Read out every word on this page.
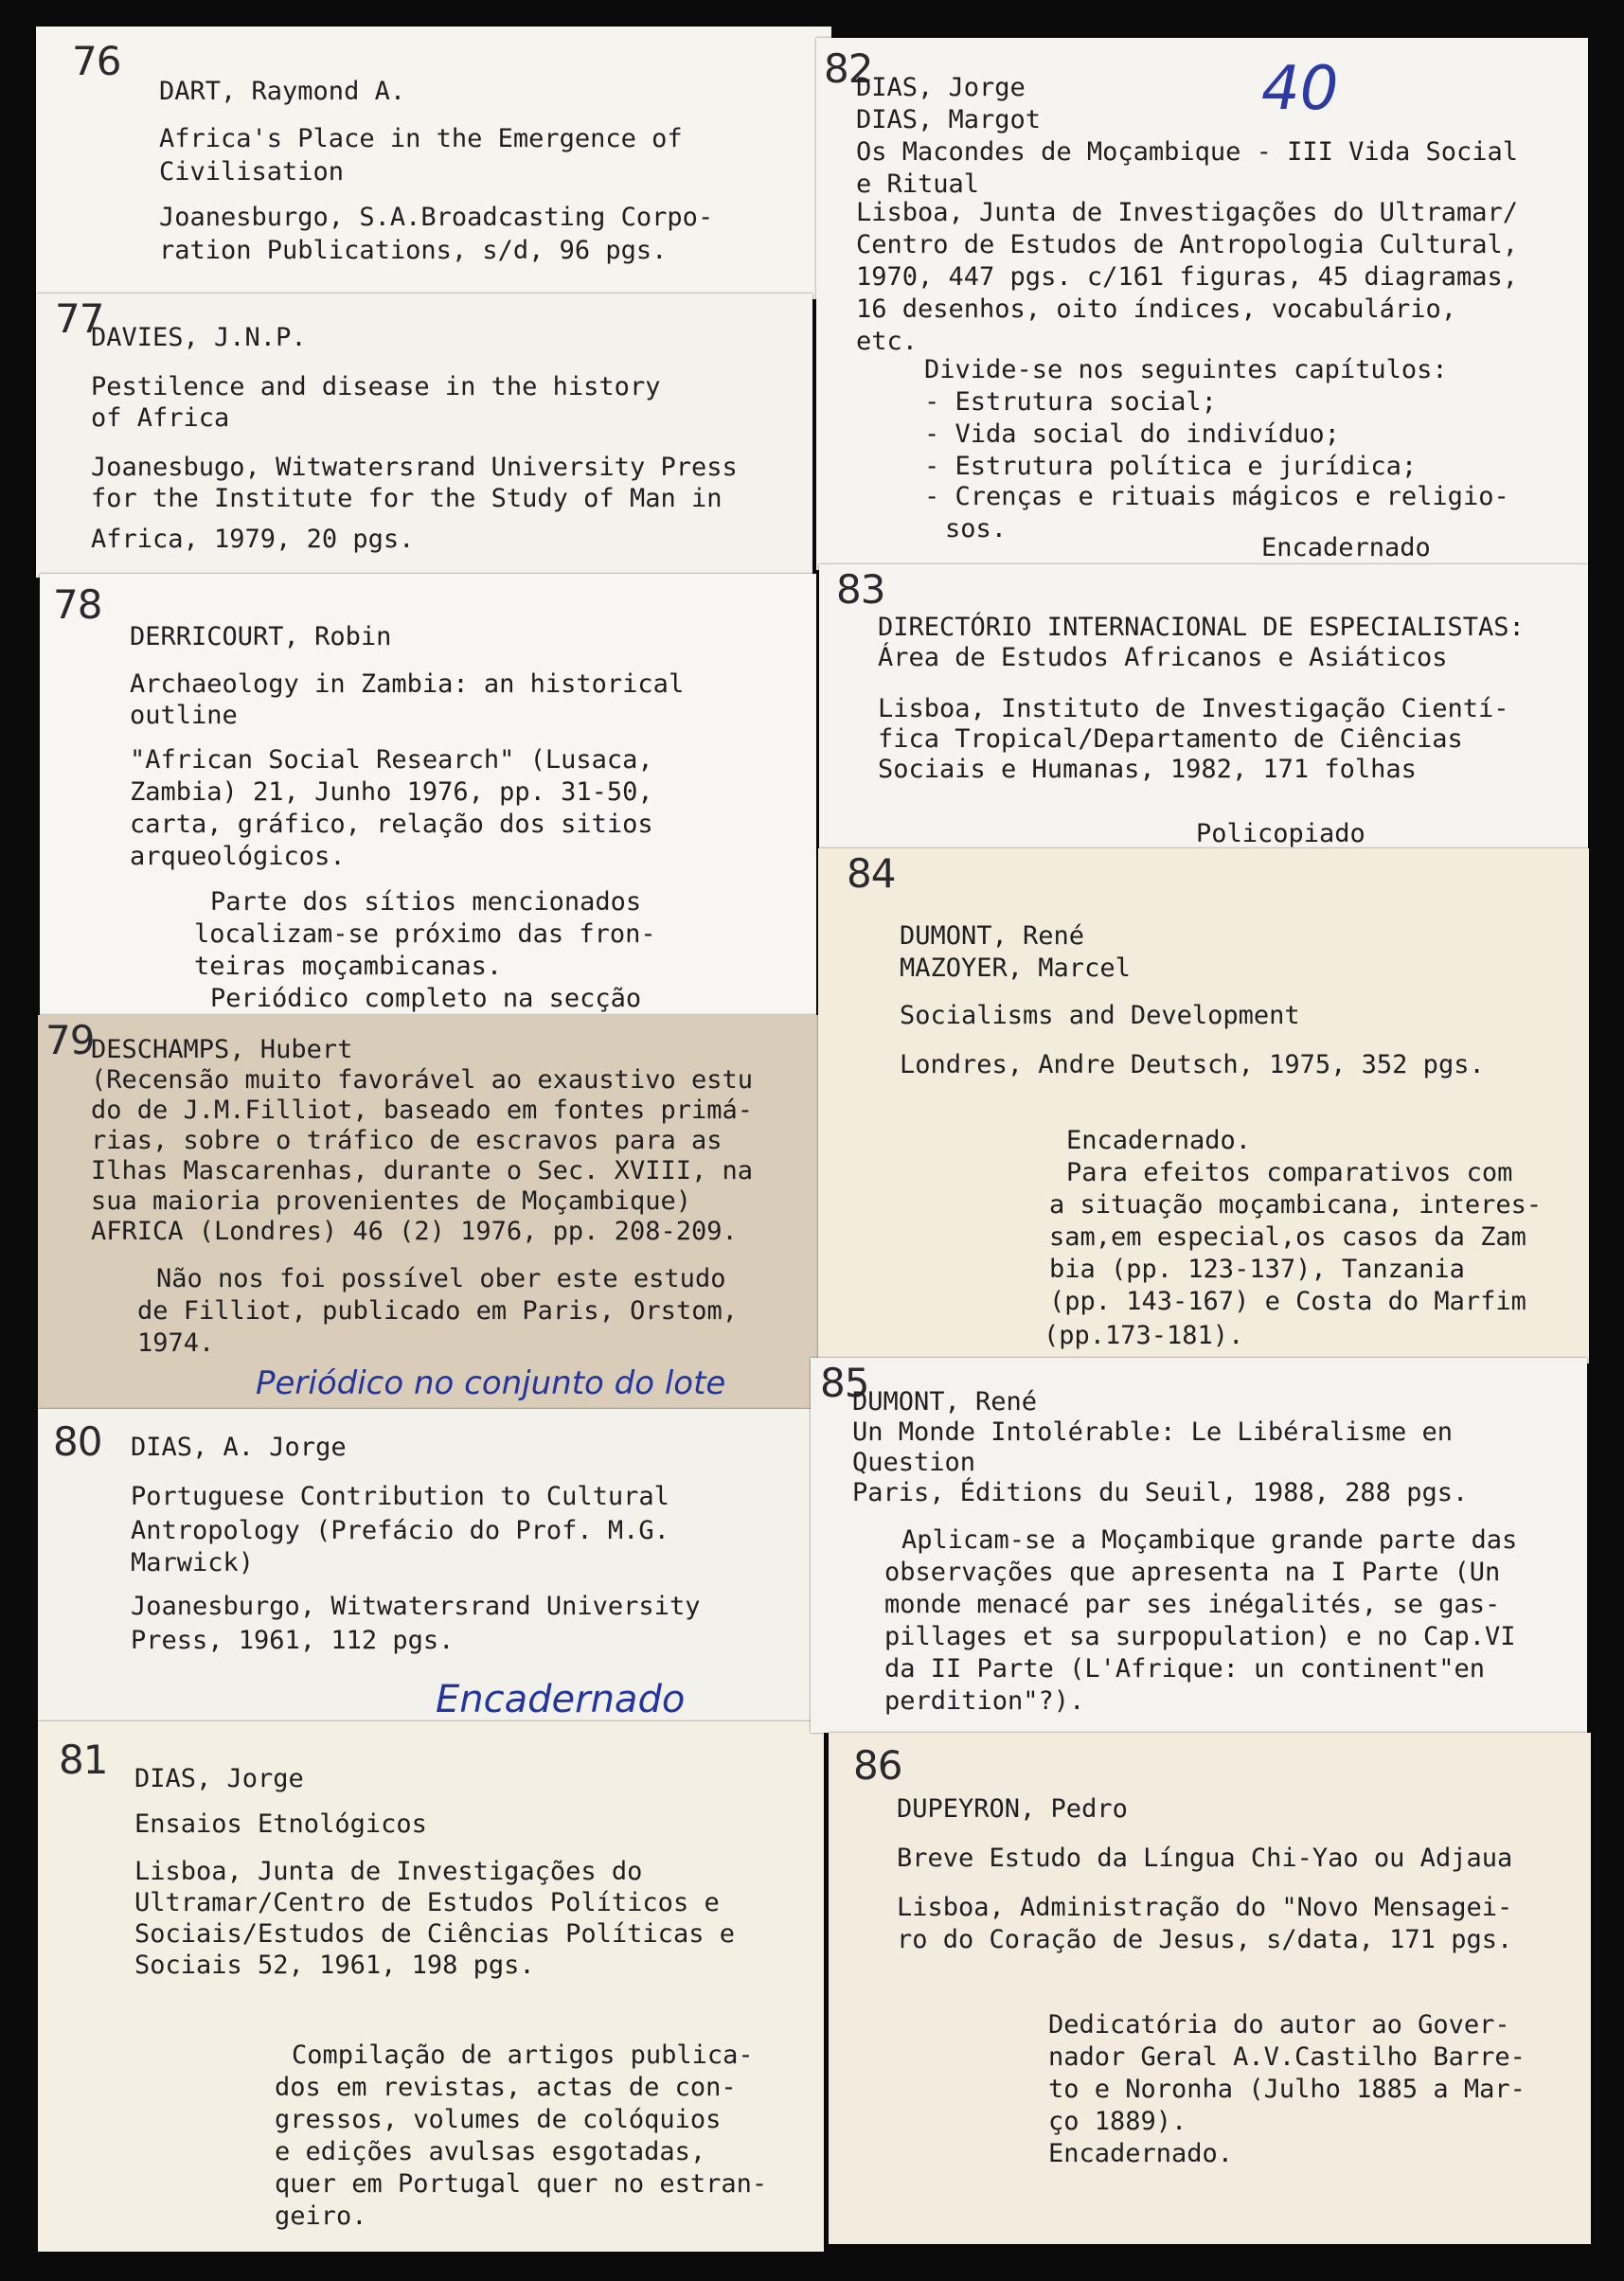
76
DART, Raymond A.
Africa's Place in the Emergence of
Civilisation
Joanesburgo, S.A.Broadcasting Corpo-
ration Publications, s/d, 96 pgs.
77
DAVIES, J.N.P.
Pestilence and disease in the history
of Africa
Joanesbugo, Witwatersrand University Press
for the Institute for the Study of Man in
Africa, 1979, 20 pgs.
78
DERRICOURT, Robin
Archaeology in Zambia: an historical
outline
"African Social Research" (Lusaca,
Zambia) 21, Junho 1976, pp. 31-50,
carta, gráfico, relação dos sitios
arqueológicos.
Parte dos sítios mencionados
localizam-se próximo das fron-
teiras moçambicanas.
Periódico completo na secção
79
DESCHAMPS, Hubert
(Recensão muito favorável ao exaustivo estu
do de J.M.Filliot, baseado em fontes primá-
rias, sobre o tráfico de escravos para as
Ilhas Mascarenhas, durante o Sec. XVIII, na
sua maioria provenientes de Moçambique)
AFRICA (Londres) 46 (2) 1976, pp. 208-209.
Não nos foi possível ober este estudo
de Filliot, publicado em Paris, Orstom,
1974.
Periódico no conjunto do lote
80 DIAS, A. Jorge
Portuguese Contribution to Cultural
Antropology (Prefácio do Prof. M.G.
Marwick)
Joanesburgo, Witwatersrand University
Press, 1961, 112 pgs.
Encadernado
81 DIAS, Jorge
Ensaios Etnológicos
Lisboa, Junta de Investigações do
Ultramar/Centro de Estudos Políticos e
Sociais/Estudos de Ciências Políticas e
Sociais 52, 1961, 198 pgs.
Compilação de artigos publica-
dos em revistas, actas de con-
gressos, volumes de colóquios
e edições avulsas esgotadas,
quer em Portugal quer no estran-
geiro.
82	40
DIAS, Jorge
DIAS, Margot
Os Macondes de Moçambique - III Vida Social
e Ritual
Lisboa, Junta de Investigações do Ultramar/
Centro de Estudos de Antropologia Cultural,
1970, 447 pgs. c/161 figuras, 45 diagramas,
16 desenhos, oito índices, vocabulário,
etc.
Divide-se nos seguintes capítulos:
- Estrutura social;
- Vida social do indivíduo;
- Estrutura política e jurídica;
- Crenças e rituais mágicos e religio-
sos.
Encadernado
83
DIRECTÓRIO INTERNACIONAL DE ESPECIALISTAS:
Área de Estudos Africanos e Asiáticos
Lisboa, Instituto de Investigação Cientí-
fica Tropical/Departamento de Ciências
Sociais e Humanas, 1982, 171 folhas
Policopiado
84
DUMONT, René
MAZOYER, Marcel
Socialisms and Development
Londres, Andre Deutsch, 1975, 352 pgs.
Encadernado.
Para efeitos comparativos com
a situação moçambicana, interes-
sam,em especial,os casos da Zam
bia (pp. 123-137), Tanzania
(pp. 143-167) e Costa do Marfim
(pp.173-181).
85
DUMONT, René
Un Monde Intolérable: Le Libéralisme en
Question
Paris, Éditions du Seuil, 1988, 288 pgs.
Aplicam-se a Moçambique grande parte das
observações que apresenta na I Parte (Un
monde menacé par ses inégalités, se gas-
pillages et sa surpopulation) e no Cap.VI
da II Parte (L'Afrique: un continent"en
perdition"?).
86
DUPEYRON, Pedro
Breve Estudo da Língua Chi-Yao ou Adjaua
Lisboa, Administração do "Novo Mensagei-
ro do Coração de Jesus, s/data, 171 pgs.
Dedicatória do autor ao Gover-
nador Geral A.V.Castilho Barre-
to e Noronha (Julho 1885 a Mar-
ço 1889).
Encadernado.
